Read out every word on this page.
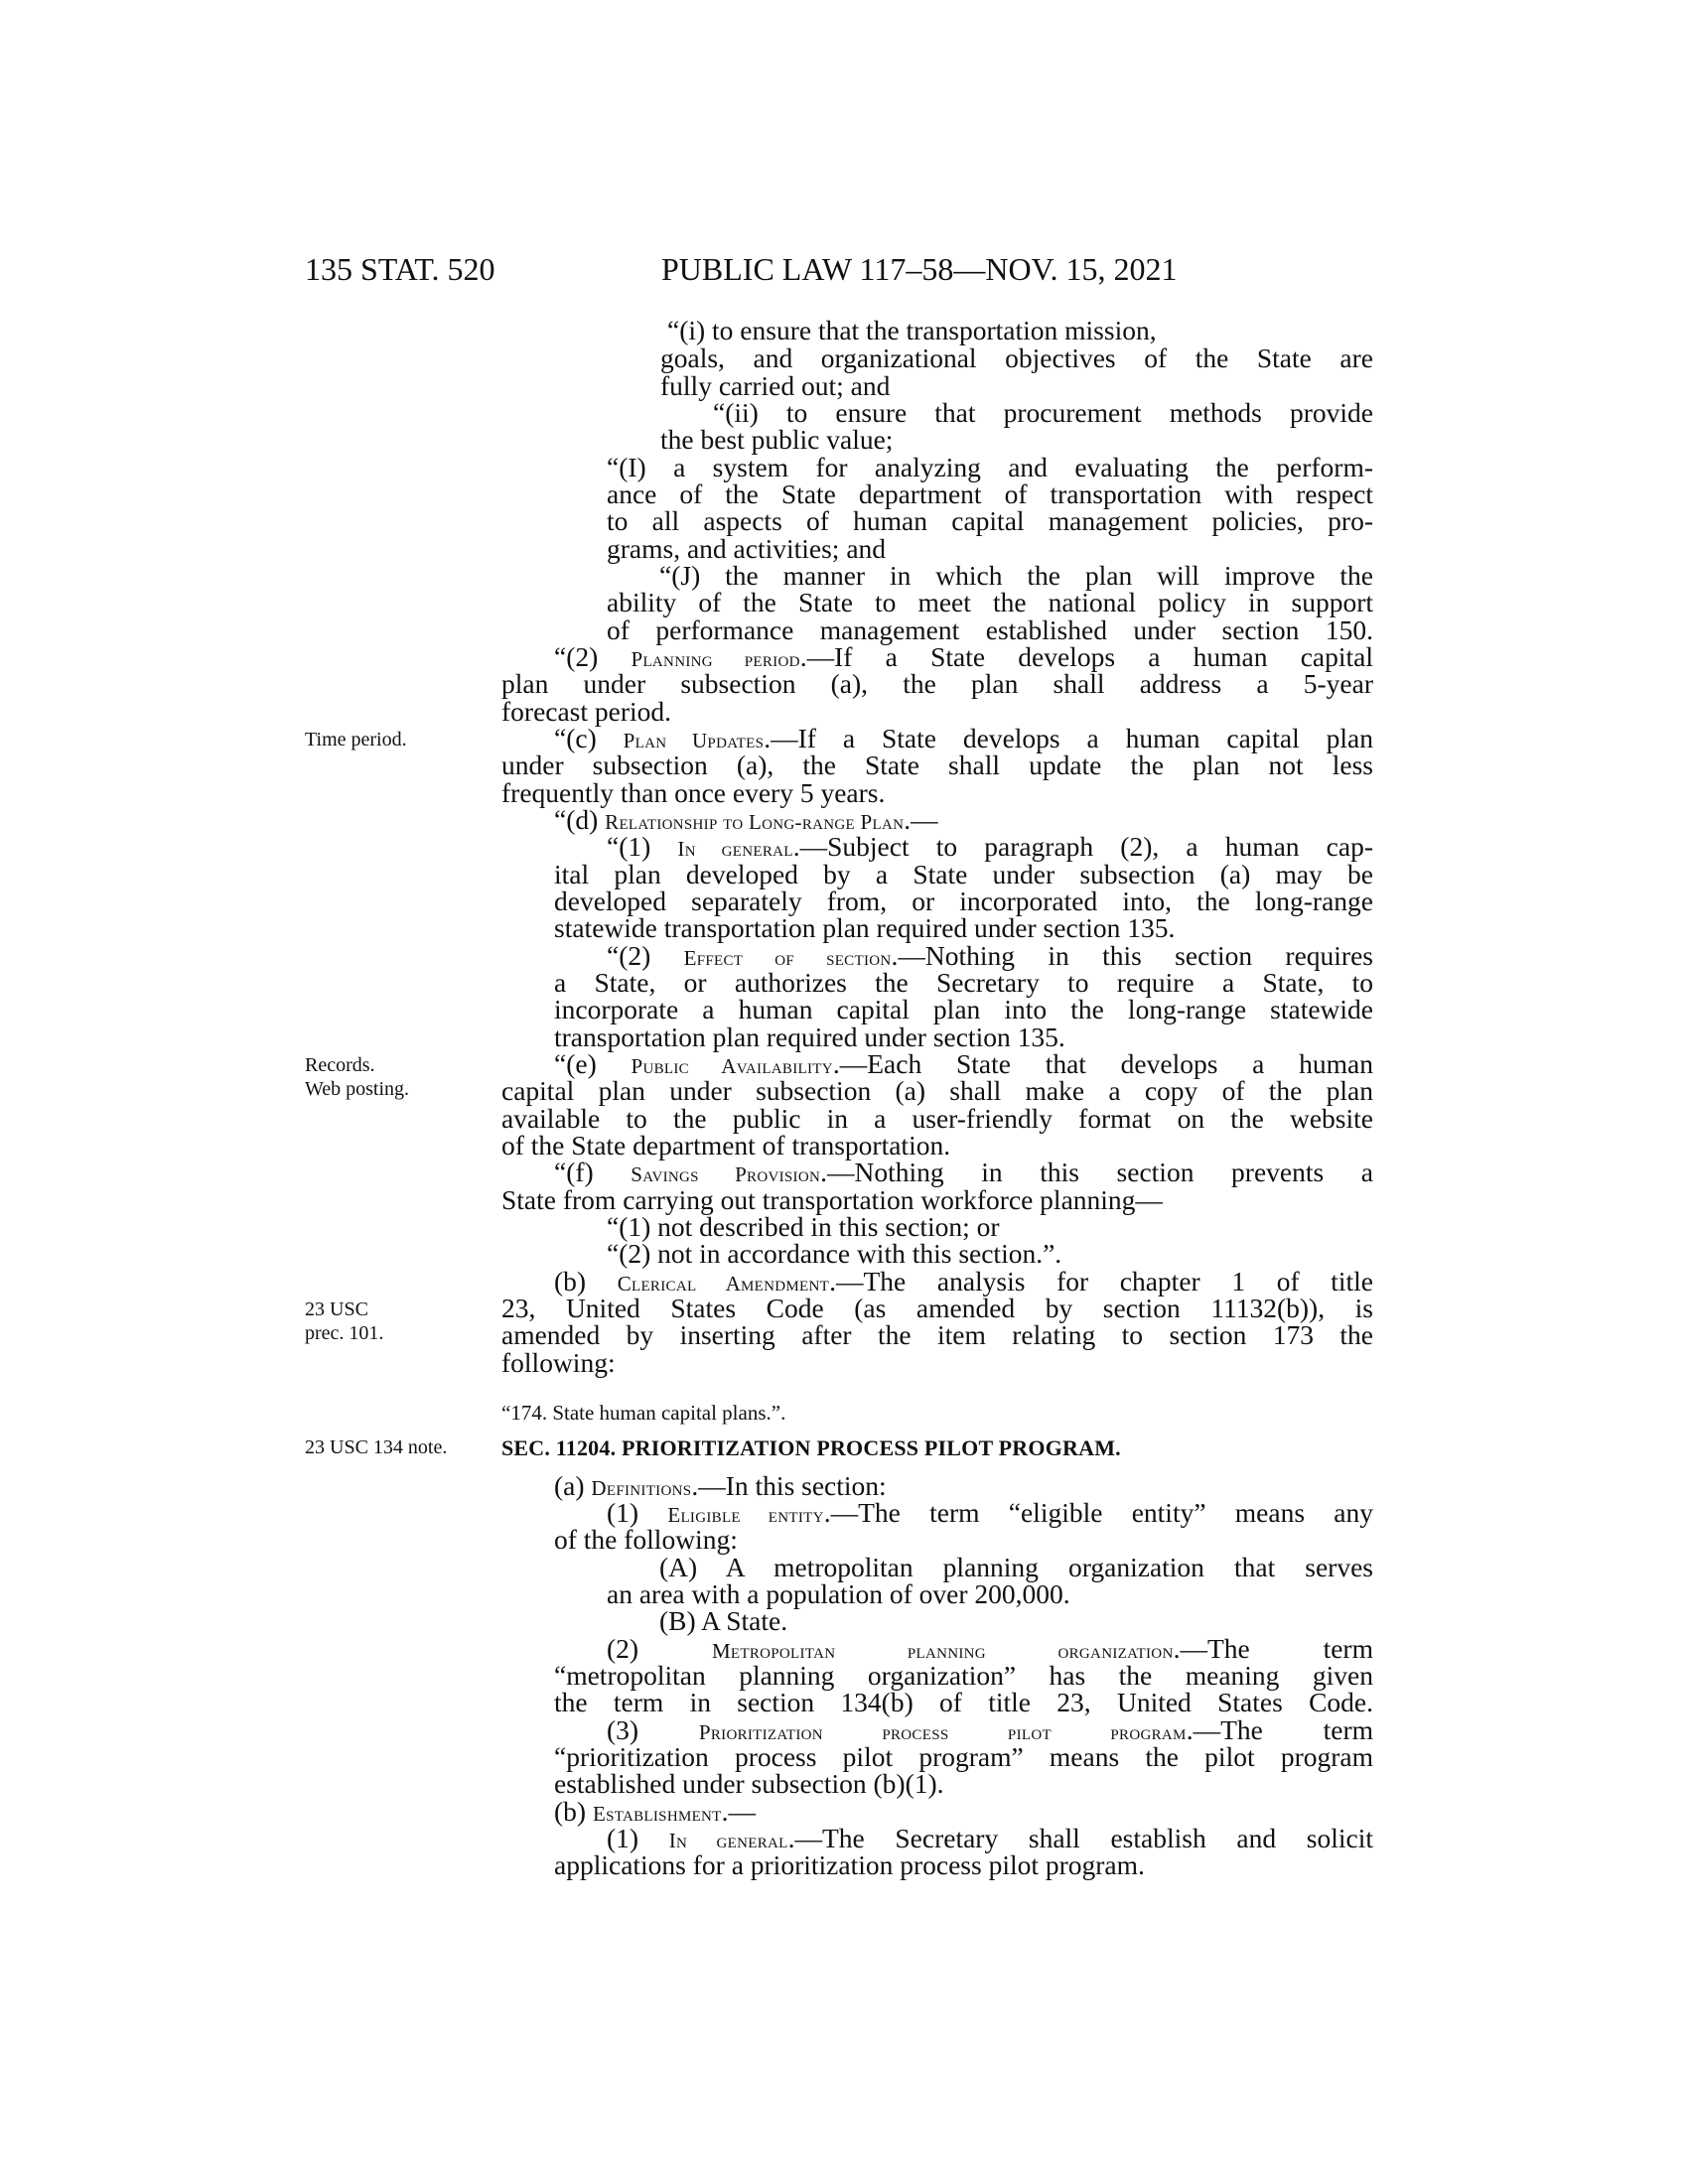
135 STAT. 520	PUBLIC LAW 117–58—NOV. 15, 2021
Time period.
Records.
Web posting.
23 USC
prec. 101.
23 USC 134 note.
“(i) to ensure that the transportation mission,
goals, and organizational objectives of the State are
fully carried out; and
“(ii) to ensure that procurement methods provide
the best public value;
“(I) a system for analyzing and evaluating the perform-
ance of the State department of transportation with respect
to all aspects of human capital management policies, pro-
grams, and activities; and
“(J) the manner in which the plan will improve the
ability of the State to meet the national policy in support
of performance management established under section 150.
“(2) Planning period.—If a State develops a human capital
plan under subsection (a), the plan shall address a 5-year
forecast period.
“(c) Plan Updates.—If a State develops a human capital plan
under subsection (a), the State shall update the plan not less
frequently than once every 5 years.
“(d) Relationship to Long-range Plan.—
“(1) In general.—Subject to paragraph (2), a human cap-
ital plan developed by a State under subsection (a) may be
developed separately from, or incorporated into, the long-range
statewide transportation plan required under section 135.
“(2) Effect of section.—Nothing in this section requires
a State, or authorizes the Secretary to require a State, to
incorporate a human capital plan into the long-range statewide
transportation plan required under section 135.
“(e) Public Availability.—Each State that develops a human
capital plan under subsection (a) shall make a copy of the plan
available to the public in a user-friendly format on the website
of the State department of transportation.
“(f) Savings Provision.—Nothing in this section prevents a
State from carrying out transportation workforce planning—
“(1) not described in this section; or
“(2) not in accordance with this section.”.
(b) Clerical Amendment.—The analysis for chapter 1 of title
23, United States Code (as amended by section 11132(b)), is
amended by inserting after the item relating to section 173 the
following:
“174. State human capital plans.”.
SEC. 11204. PRIORITIZATION PROCESS PILOT PROGRAM.
(a) Definitions.—In this section:
(1) Eligible entity.—The term “eligible entity” means any
of the following:
(A) A metropolitan planning organization that serves
an area with a population of over 200,000.
(B) A State.
(2) Metropolitan planning organization.—The term
“metropolitan planning organization” has the meaning given
the term in section 134(b) of title 23, United States Code.
(3) Prioritization process pilot program.—The term
“prioritization process pilot program” means the pilot program
established under subsection (b)(1).
(b) Establishment.—
(1) In general.—The Secretary shall establish and solicit
applications for a prioritization process pilot program.
